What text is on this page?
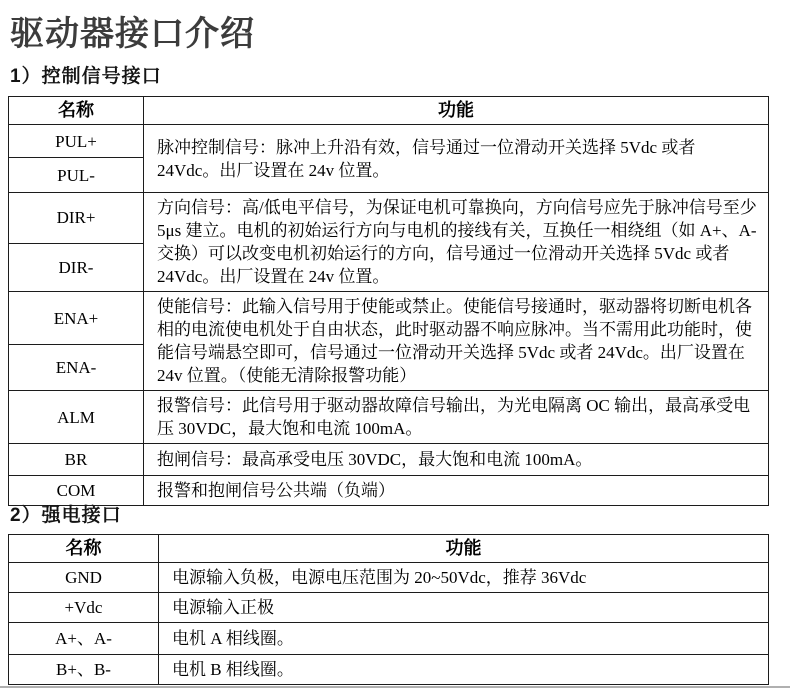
驱动器接口介绍
1）控制信号接口
名称	功能
PUL+	脉冲控制信号：脉冲上升沿有效，信号通过一位滑动开关选择 5Vdc 或者 24Vdc。出厂设置在 24v 位置。
PUL-	
DIR+	方向信号：高/低电平信号，为保证电机可靠换向，方向信号应先于脉冲信号至少 5μs 建立。电机的初始运行方向与电机的接线有关，互换任一相绕组（如 A+、A-交换）可以改变电机初始运行的方向，信号通过一位滑动开关选择 5Vdc 或者 24Vdc。出厂设置在 24v 位置。
DIR-	
ENA+	使能信号：此输入信号用于使能或禁止。使能信号接通时，驱动器将切断电机各相的电流使电机处于自由状态，此时驱动器不响应脉冲。当不需用此功能时，使能信号端悬空即可，信号通过一位滑动开关选择 5Vdc 或者 24Vdc。出厂设置在 24v 位置。（使能无清除报警功能）
ENA-	
ALM	报警信号：此信号用于驱动器故障信号输出，为光电隔离 OC 输出，最高承受电压 30VDC，最大饱和电流 100mA。
BR	抱闸信号：最高承受电压 30VDC，最大饱和电流 100mA。
COM	报警和抱闸信号公共端（负端）
2）强电接口
名称	功能
GND	电源输入负极，电源电压范围为 20~50Vdc，推荐 36Vdc
+Vdc	电源输入正极
A+、A-	电机 A 相线圈。
B+、B-	电机 B 相线圈。
